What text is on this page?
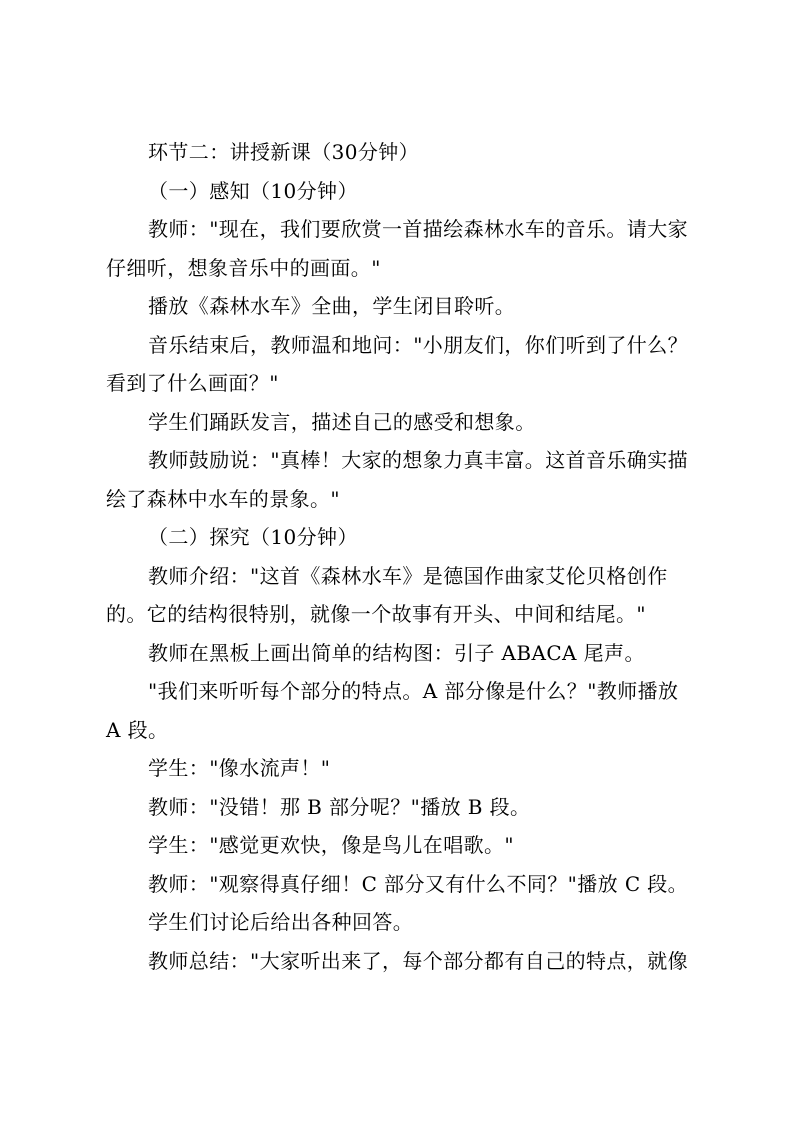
环节二：讲授新课（30分钟）

（一）感知（10分钟）

教师："现在，我们要欣赏一首描绘森林水车的音乐。请大家仔细听，想象音乐中的画面。"

播放《森林水车》全曲，学生闭目聆听。

音乐结束后，教师温和地问："小朋友们，你们听到了什么？看到了什么画面？"

学生们踊跃发言，描述自己的感受和想象。

教师鼓励说："真棒！大家的想象力真丰富。这首音乐确实描绘了森林中水车的景象。"

（二）探究（10分钟）

教师介绍："这首《森林水车》是德国作曲家艾伦贝格创作的。它的结构很特别，就像一个故事有开头、中间和结尾。"

教师在黑板上画出简单的结构图：引子 ABACA 尾声。

"我们来听听每个部分的特点。A 部分像是什么？"教师播放 A 段。

学生："像水流声！"

教师："没错！那 B 部分呢？"播放 B 段。

学生："感觉更欢快，像是鸟儿在唱歌。"

教师："观察得真仔细！C 部分又有什么不同？"播放 C 段。

学生们讨论后给出各种回答。

教师总结："大家听出来了，每个部分都有自己的特点，就像
